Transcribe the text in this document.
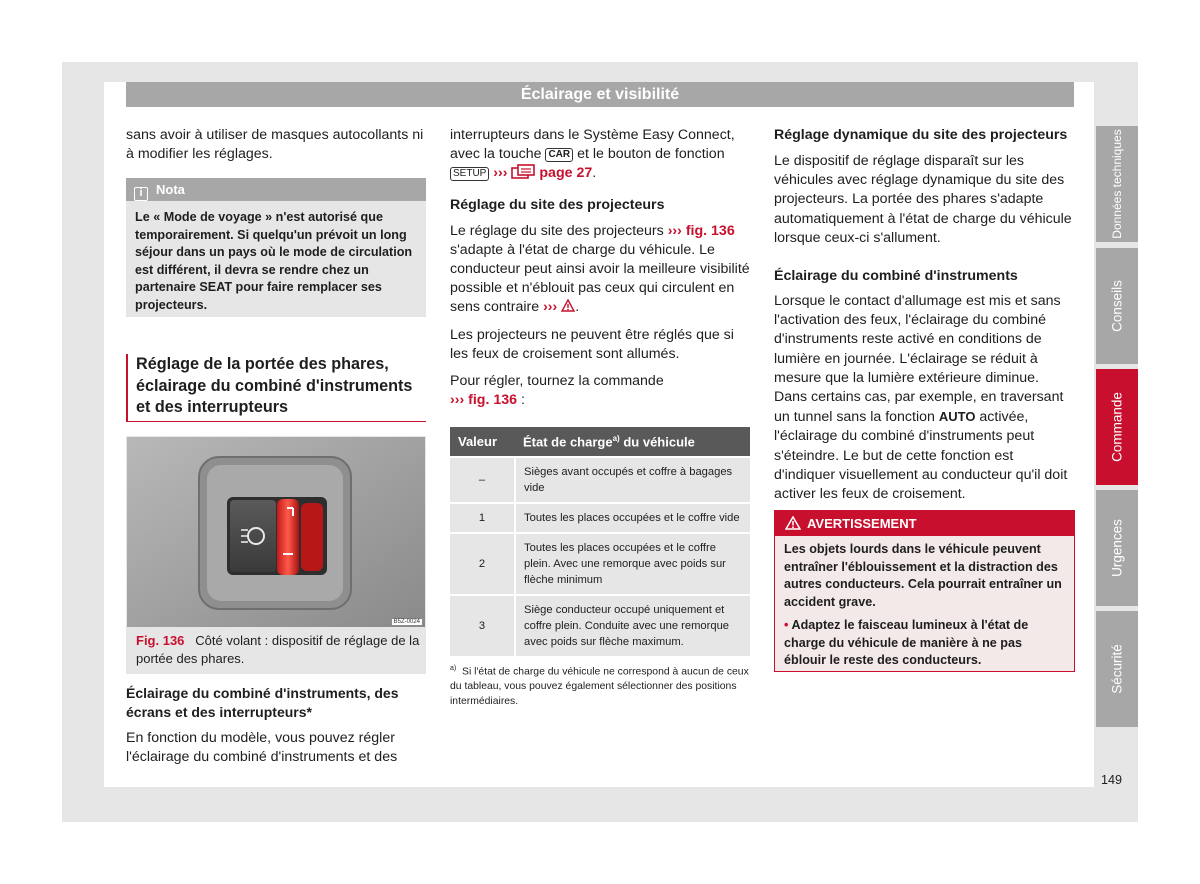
Éclairage et visibilité
sans avoir à utiliser de masques autocollants ni à modifier les réglages.
i Nota
Le « Mode de voyage » n'est autorisé que temporairement. Si quelqu'un prévoit un long séjour dans un pays où le mode de circulation est différent, il devra se rendre chez un partenaire SEAT pour faire remplacer ses projecteurs.
Réglage de la portée des phares, éclairage du combiné d'instruments et des interrupteurs
B5Z-0024
Fig. 136 Côté volant : dispositif de réglage de la portée des phares.
Éclairage du combiné d'instruments, des écrans et des interrupteurs*
En fonction du modèle, vous pouvez régler l'éclairage du combiné d'instruments et des

interrupteurs dans le Système Easy Connect, avec la touche CAR et le bouton de fonction SETUP ››› page 27.

Réglage du site des projecteurs

Le réglage du site des projecteurs ››› fig. 136 s'adapte à l'état de charge du véhicule. Le conducteur peut ainsi avoir la meilleure visibilité possible et n'éblouit pas ceux qui circulent en sens contraire ››› .

Les projecteurs ne peuvent être réglés que si les feux de croisement sont allumés.

Pour régler, tournez la commande
››› fig. 136 :

Valeur	État de charge$^{a)}$ du véhicule
–	Sièges avant occupés et coffre à bagages vide
1	Toutes les places occupées et le coffre vide
2	Toutes les places occupées et le coffre plein. Avec une remorque avec poids sur flèche minimum
3	Siège conducteur occupé uniquement et coffre plein. Conduite avec une remorque avec poids sur flèche maximum.
$^{a)}$ Si l'état de charge du véhicule ne correspond à aucun de ceux du tableau, vous pouvez également sélectionner des positions intermédiaires.
Réglage dynamique du site des projecteurs

Le dispositif de réglage disparaît sur les véhicules avec réglage dynamique du site des projecteurs. La portée des phares s'adapte automatiquement à l'état de charge du véhicule lorsque ceux-ci s'allument.

Éclairage du combiné d'instruments

Lorsque le contact d'allumage est mis et sans l'activation des feux, l'éclairage du combiné d'instruments reste activé en conditions de lumière en journée. L'éclairage se réduit à mesure que la lumière extérieure diminue. Dans certains cas, par exemple, en traversant un tunnel sans la fonction AUTO activée, l'éclairage du combiné d'instruments peut s'éteindre. Le but de cette fonction est d'indiquer visuellement au conducteur qu'il doit activer les feux de croisement.

AVERTISSEMENT

Les objets lourds dans le véhicule peuvent entraîner l'éblouissement et la distraction des autres conducteurs. Cela pourrait entraîner un accident grave.

• Adaptez le faisceau lumineux à l'état de charge du véhicule de manière à ne pas éblouir le reste des conducteurs.

Données techniques
Conseils
Commande
Urgences
Sécurité
149
